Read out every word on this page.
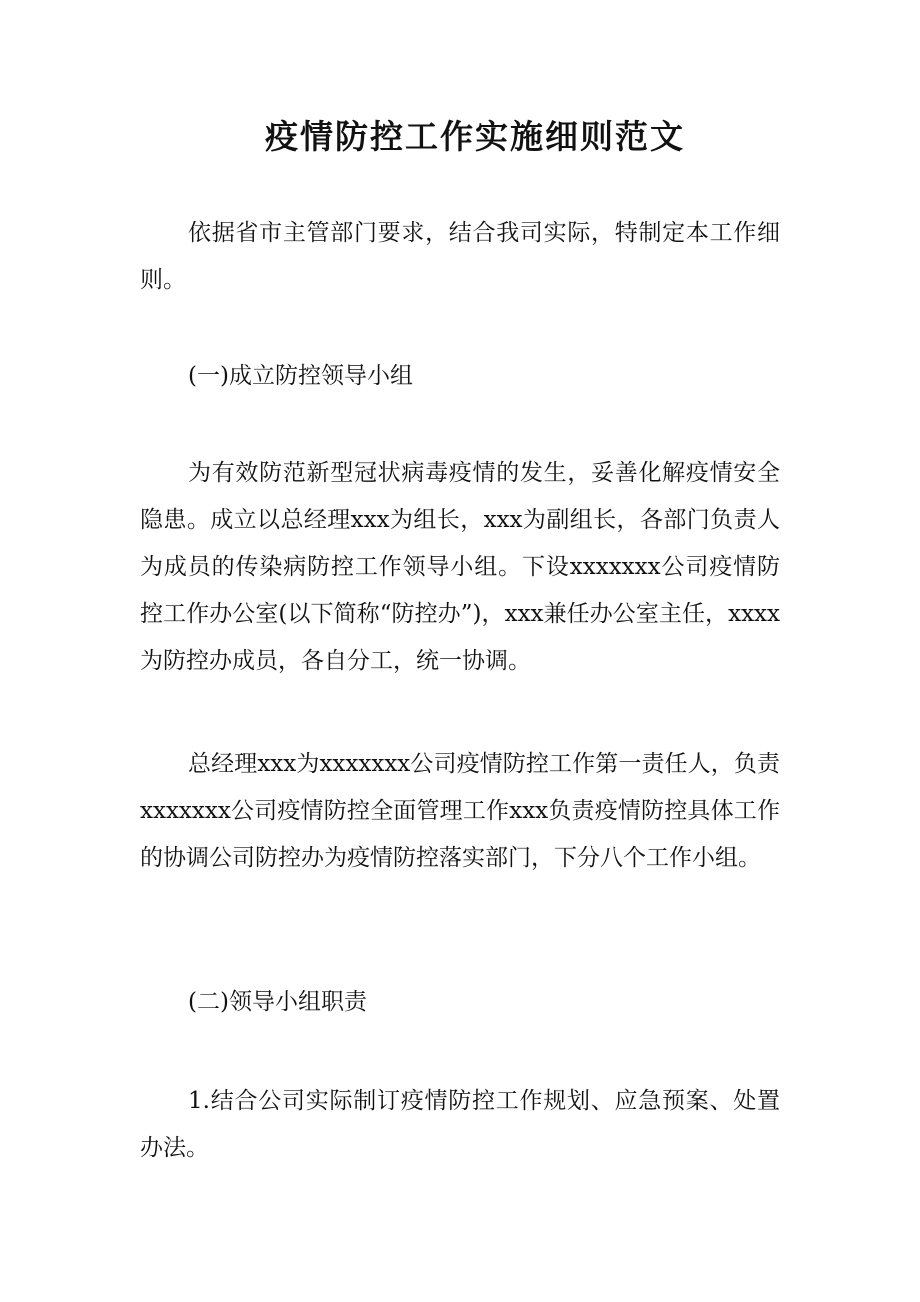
疫情防控工作实施细则范文

依据省市主管部门要求，结合我司实际，特制定本工作细则。

(一)成立防控领导小组

为有效防范新型冠状病毒疫情的发生，妥善化解疫情安全隐患。成立以总经理xxx为组长，xxx为副组长，各部门负责人为成员的传染病防控工作领导小组。下设xxxxxxx公司疫情防控工作办公室(以下简称“防控办”)，xxx兼任办公室主任，xxxx为防控办成员，各自分工，统一协调。

总经理xxx为xxxxxxx公司疫情防控工作第一责任人，负责xxxxxxx公司疫情防控全面管理工作xxx负责疫情防控具体工作的协调公司防控办为疫情防控落实部门，下分八个工作小组。

(二)领导小组职责

1.结合公司实际制订疫情防控工作规划、应急预案、处置办法。
